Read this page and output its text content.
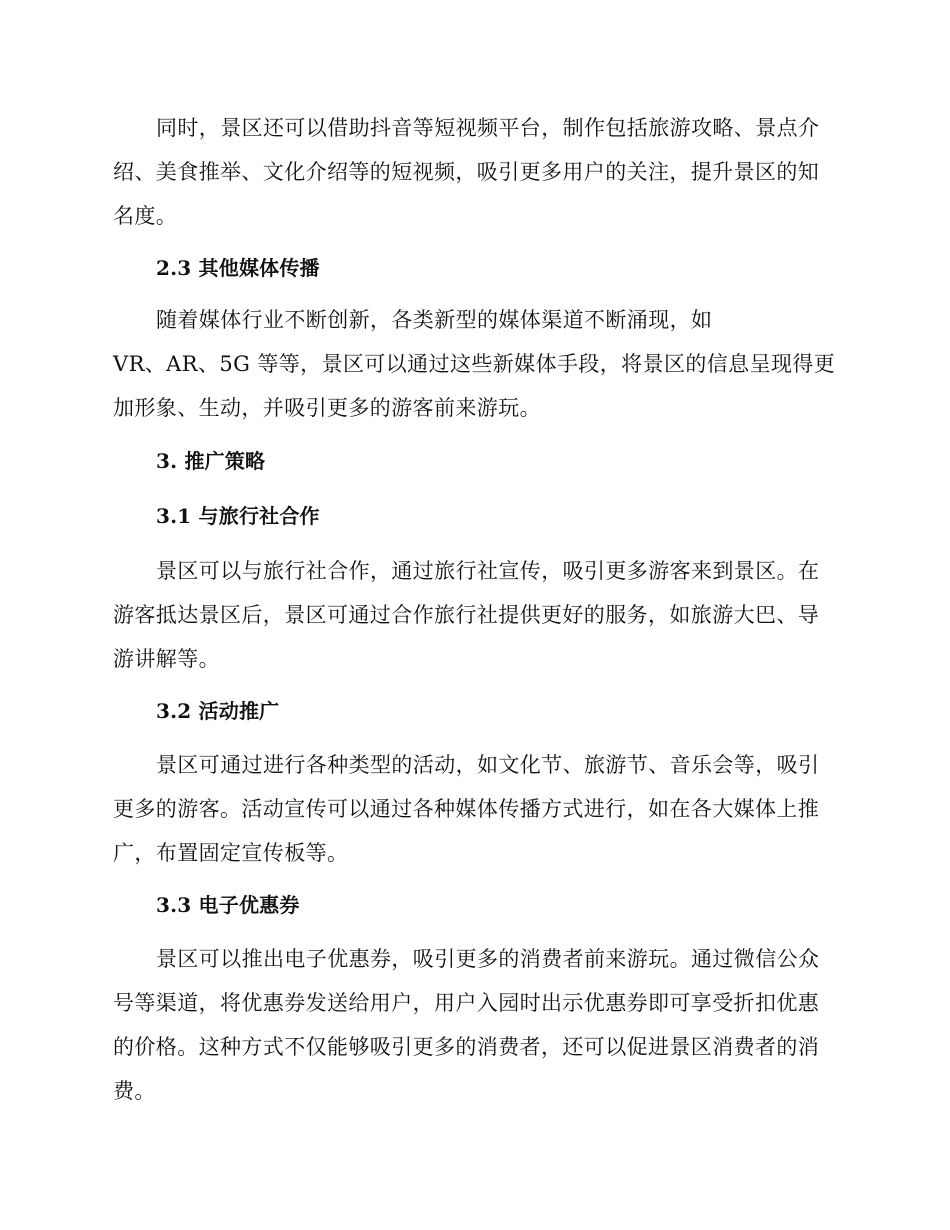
同时，景区还可以借助抖音等短视频平台，制作包括旅游攻略、景点介
绍、美食推举、文化介绍等的短视频，吸引更多用户的关注，提升景区的知
名度。
2.3 其他媒体传播
随着媒体行业不断创新，各类新型的媒体渠道不断涌现，如
VR、AR、5G 等等，景区可以通过这些新媒体手段，将景区的信息呈现得更
加形象、生动，并吸引更多的游客前来游玩。
3. 推广策略
3.1 与旅行社合作
景区可以与旅行社合作，通过旅行社宣传，吸引更多游客来到景区。在
游客抵达景区后，景区可通过合作旅行社提供更好的服务，如旅游大巴、导
游讲解等。
3.2 活动推广
景区可通过进行各种类型的活动，如文化节、旅游节、音乐会等，吸引
更多的游客。活动宣传可以通过各种媒体传播方式进行，如在各大媒体上推
广，布置固定宣传板等。
3.3 电子优惠券
景区可以推出电子优惠券，吸引更多的消费者前来游玩。通过微信公众
号等渠道，将优惠券发送给用户，用户入园时出示优惠券即可享受折扣优惠
的价格。这种方式不仅能够吸引更多的消费者，还可以促进景区消费者的消
费。
